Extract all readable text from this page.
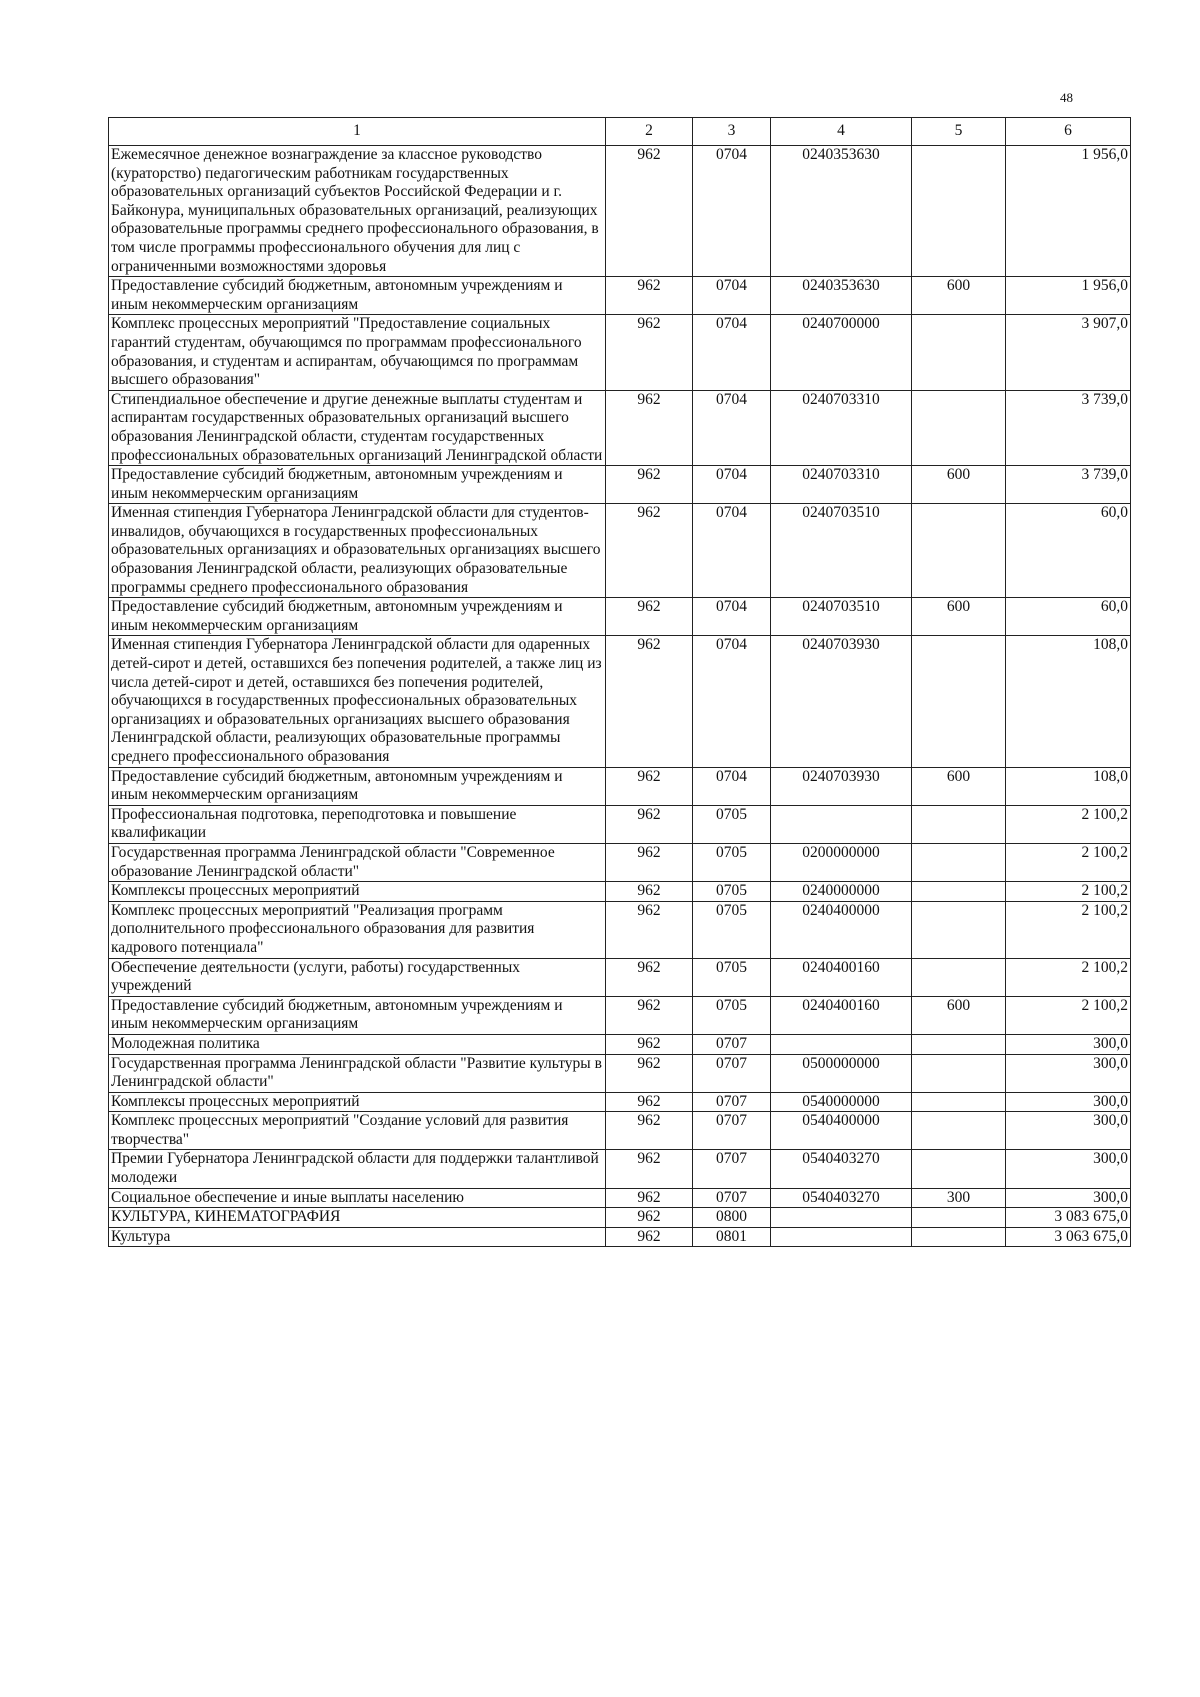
48
1	2	3	4	5	6
Ежемесячное денежное вознаграждение за классное руководство (кураторство) педагогическим работникам государственных образовательных организаций субъектов Российской Федерации и г. Байконура, муниципальных образовательных организаций, реализующих образовательные программы среднего профессионального образования, в том числе программы профессионального обучения для лиц с ограниченными возможностями здоровья	962	0704	0240353630		1 956,0
Предоставление субсидий бюджетным, автономным учреждениям и иным некоммерческим организациям	962	0704	0240353630	600	1 956,0
Комплекс процессных мероприятий "Предоставление социальных гарантий студентам, обучающимся по программам профессионального образования, и студентам и аспирантам, обучающимся по программам высшего образования"	962	0704	0240700000		3 907,0
Стипендиальное обеспечение и другие денежные выплаты студентам и аспирантам государственных образовательных организаций высшего образования Ленинградской области, студентам государственных профессиональных образовательных организаций Ленинградской области	962	0704	0240703310		3 739,0
Предоставление субсидий бюджетным, автономным учреждениям и иным некоммерческим организациям	962	0704	0240703310	600	3 739,0
Именная стипендия Губернатора Ленинградской области для студентов-инвалидов, обучающихся в государственных профессиональных образовательных организациях и образовательных организациях высшего образования Ленинградской области, реализующих образовательные программы среднего профессионального образования	962	0704	0240703510		60,0
Предоставление субсидий бюджетным, автономным учреждениям и иным некоммерческим организациям	962	0704	0240703510	600	60,0
Именная стипендия Губернатора Ленинградской области для одаренных детей-сирот и детей, оставшихся без попечения родителей, а также лиц из числа детей-сирот и детей, оставшихся без попечения родителей, обучающихся в государственных профессиональных образовательных организациях и образовательных организациях высшего образования Ленинградской области, реализующих образовательные программы среднего профессионального образования	962	0704	0240703930		108,0
Предоставление субсидий бюджетным, автономным учреждениям и иным некоммерческим организациям	962	0704	0240703930	600	108,0
Профессиональная подготовка, переподготовка и повышение квалификации	962	0705			2 100,2
Государственная программа Ленинградской области "Современное образование Ленинградской области"	962	0705	0200000000		2 100,2
Комплексы процессных мероприятий	962	0705	0240000000		2 100,2
Комплекс процессных мероприятий "Реализация программ дополнительного профессионального образования для развития кадрового потенциала"	962	0705	0240400000		2 100,2
Обеспечение деятельности (услуги, работы) государственных учреждений	962	0705	0240400160		2 100,2
Предоставление субсидий бюджетным, автономным учреждениям и иным некоммерческим организациям	962	0705	0240400160	600	2 100,2
Молодежная политика	962	0707			300,0
Государственная программа Ленинградской области "Развитие культуры в Ленинградской области"	962	0707	0500000000		300,0
Комплексы процессных мероприятий	962	0707	0540000000		300,0
Комплекс процессных мероприятий "Создание условий для развития творчества"	962	0707	0540400000		300,0
Премии Губернатора Ленинградской области для поддержки талантливой молодежи	962	0707	0540403270		300,0
Социальное обеспечение и иные выплаты населению	962	0707	0540403270	300	300,0
КУЛЬТУРА, КИНЕМАТОГРАФИЯ	962	0800			3 083 675,0
Культура	962	0801			3 063 675,0
